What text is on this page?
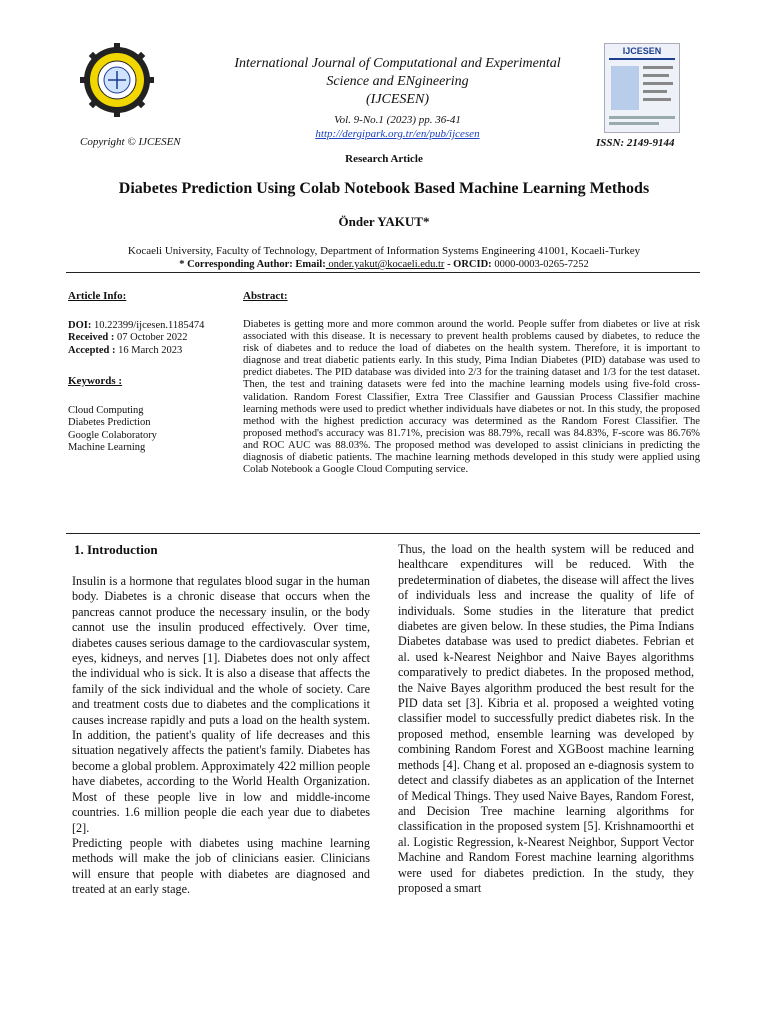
Copyright © IJCESEN
International Journal of Computational and Experimental
Science and ENgineering
(IJCESEN)
Vol. 9-No.1 (2023) pp. 36-41
http://dergipark.org.tr/en/pub/ijcesen
IJCESEN
ISSN: 2149-9144
Research Article
Diabetes Prediction Using Colab Notebook Based Machine Learning Methods
Önder YAKUT*
Kocaeli University, Faculty of Technology, Department of Information Systems Engineering 41001, Kocaeli-Turkey
* Corresponding Author: Email: onder.yakut@kocaeli.edu.tr - ORCID: 0000-0003-0265-7252
Article Info:
DOI: 10.22399/ijcesen.1185474
Received : 07 October 2022
Accepted : 16 March 2023
Keywords :
Cloud Computing
Diabetes Prediction
Google Colaboratory
Machine Learning
Abstract:
Diabetes is getting more and more common around the world. People suffer from diabetes or live at risk associated with this disease. It is necessary to prevent health problems caused by diabetes, to reduce the risk of diabetes and to reduce the load of diabetes on the health system. Therefore, it is important to diagnose and treat diabetic patients early. In this study, Pima Indian Diabetes (PID) database was used to predict diabetes. The PID database was divided into 2/3 for the training dataset and 1/3 for the test dataset. Then, the test and training datasets were fed into the machine learning models using five-fold cross-validation. Random Forest Classifier, Extra Tree Classifier and Gaussian Process Classifier machine learning methods were used to predict whether individuals have diabetes or not. In this study, the proposed method with the highest prediction accuracy was determined as the Random Forest Classifier. The proposed method's accuracy was 81.71%, precision was 88.79%, recall was 84.83%, F-score was 86.76% and ROC AUC was 88.03%. The proposed method was developed to assist clinicians in predicting the diagnosis of diabetic patients. The machine learning methods developed in this study were applied using Colab Notebook a Google Cloud Computing service.
1. Introduction

Insulin is a hormone that regulates blood sugar in the human body. Diabetes is a chronic disease that occurs when the pancreas cannot produce the necessary insulin, or the body cannot use the insulin produced effectively. Over time, diabetes causes serious damage to the cardiovascular system, eyes, kidneys, and nerves [1]. Diabetes does not only affect the individual who is sick. It is also a disease that affects the family of the sick individual and the whole of society. Care and treatment costs due to diabetes and the complications it causes increase rapidly and puts a load on the health system. In addition, the patient's quality of life decreases and this situation negatively affects the patient's family. Diabetes has become a global problem. Approximately 422 million people have diabetes, according to the World Health Organization. Most of these people live in low and middle-income countries. 1.6 million people die each year due to diabetes [2].

Predicting people with diabetes using machine learning methods will make the job of clinicians easier. Clinicians will ensure that people with diabetes are diagnosed and treated at an early stage.

Thus, the load on the health system will be reduced and healthcare expenditures will be reduced. With the predetermination of diabetes, the disease will affect the lives of individuals less and increase the quality of life of individuals. Some studies in the literature that predict diabetes are given below. In these studies, the Pima Indians Diabetes database was used to predict diabetes. Febrian et al. used k-Nearest Neighbor and Naive Bayes algorithms comparatively to predict diabetes. In the proposed method, the Naive Bayes algorithm produced the best result for the PID data set [3]. Kibria et al. proposed a weighted voting classifier model to successfully predict diabetes risk. In the proposed method, ensemble learning was developed by combining Random Forest and XGBoost machine learning methods [4]. Chang et al. proposed an e-diagnosis system to detect and classify diabetes as an application of the Internet of Medical Things. They used Naive Bayes, Random Forest, and Decision Tree machine learning algorithms for classification in the proposed system [5]. Krishnamoorthi et al. Logistic Regression, k-Nearest Neighbor, Support Vector Machine and Random Forest machine learning algorithms were used for diabetes prediction. In the study, they proposed a smart
